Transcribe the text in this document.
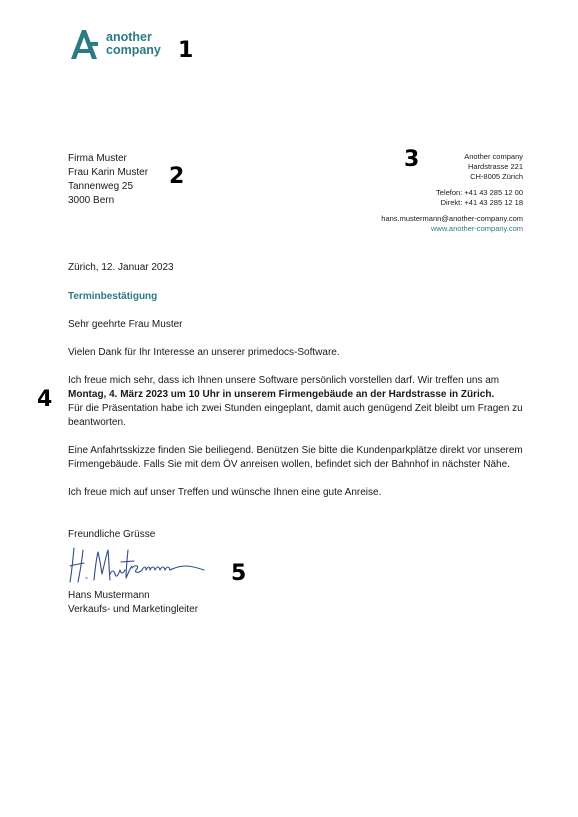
another
company 1
2
3
4
5
Firma Muster
Frau Karin Muster
Tannenweg 25
3000 Bern
Another company
Hardstrasse 221
CH-8005 Zürich
Telefon: +41 43 285 12 00
Direkt: +41 43 285 12 18
hans.mustermann@another-company.com
www.another-company.com
Zürich, 12. Januar 2023
Terminbestätigung
Sehr geehrte Frau Muster
Vielen Dank für Ihr Interesse an unserer primedocs-Software.
Ich freue mich sehr, dass ich Ihnen unsere Software persönlich vorstellen darf. Wir treffen uns am
Montag, 4. März 2023 um 10 Uhr in unserem Firmengebäude an der Hardstrasse in Zürich.
Für die Präsentation habe ich zwei Stunden eingeplant, damit auch genügend Zeit bleibt um Fragen zu beantworten.
Eine Anfahrtsskizze finden Sie beiliegend. Benützen Sie bitte die Kundenparkplätze direkt vor unserem Firmengebäude. Falls Sie mit dem ÖV anreisen wollen, befindet sich der Bahnhof in nächster Nähe.
Ich freue mich auf unser Treffen und wünsche Ihnen eine gute Anreise.
Freundliche Grüsse
Hans Mustermann
Verkaufs- und Marketingleiter
